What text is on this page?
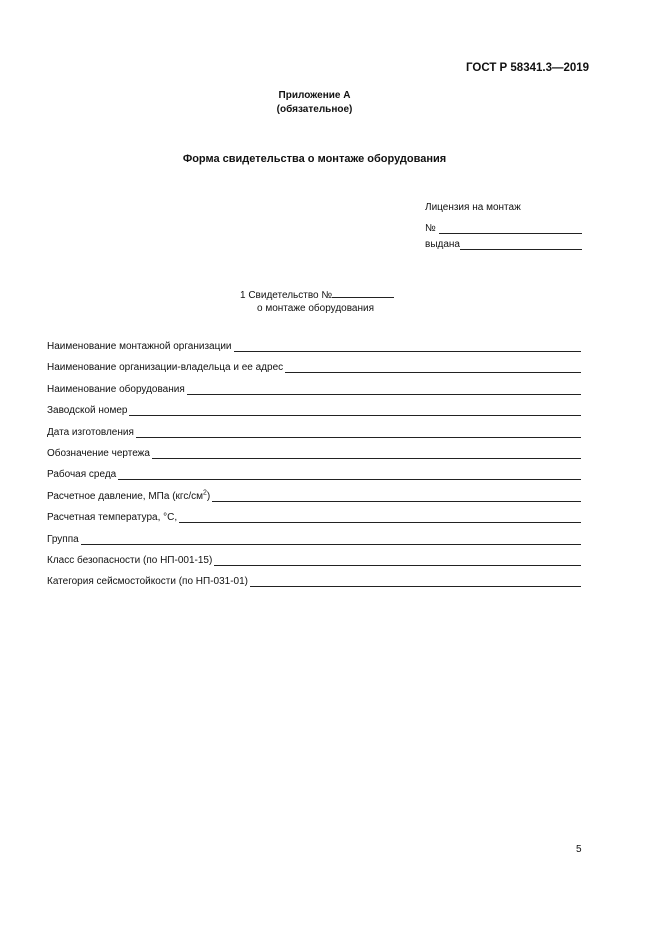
ГОСТ Р 58341.3—2019
Приложение А
(обязательное)
Форма свидетельства о монтаже оборудования
Лицензия на монтаж
№
выдана
1 Свидетельство №
о монтаже оборудования
Наименование монтажной организации
Наименование организации-владельца и ее адрес
Наименование оборудования
Заводской номер
Дата изготовления
Обозначение чертежа
Рабочая среда
Расчетное давление, МПа $(кгс/см^2)$
Расчетная температура, °С,
Группа
Класс безопасности (по НП-001-15)
Категория сейсмостойкости (по НП-031-01)
5
